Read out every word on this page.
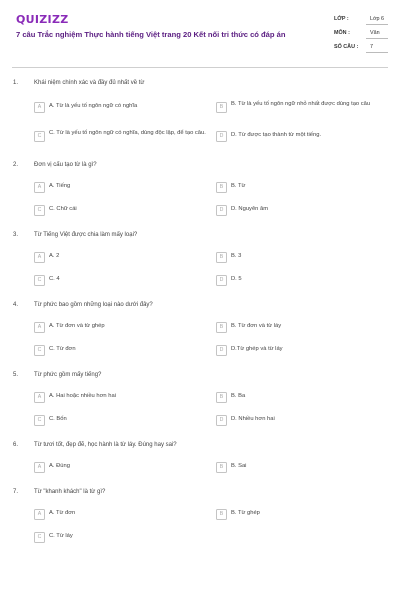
QUIZIZZ
7 câu Trắc nghiệm Thực hành tiếng Việt trang 20 Kết nối tri thức có đáp án
LỚP :	Lớp 6
MÔN :	Văn
SỐ CÂU : 7
1.	Khái niệm chính xác và đầy đủ nhất về từ
A	A. Từ là yếu tố ngôn ngữ có nghĩa	B	B. Từ là yếu tố ngôn ngữ nhỏ nhất được dùng tạo câu
C	C. Từ là yếu tố ngôn ngữ có nghĩa, dùng độc lập, để tạo câu.	D	D. Từ được tạo thành từ một tiếng.
2.	Đơn vị cấu tạo từ là gì?
A	A. Tiếng	B	B. Từ
C	C. Chữ cái	D	D. Nguyên âm
3.	Từ Tiếng Việt được chia làm mấy loại?
A	A. 2	B	B. 3
C	C. 4	D	D. 5
4.	Từ phức bao gồm những loại nào dưới đây?
A	A. Từ đơn và từ ghép	B	B. Từ đơn và từ láy
C	C. Từ đơn	D	D.Từ ghép và từ láy
5.	Từ phức gồm mấy tiếng?
A	A. Hai hoặc nhiều hơn hai	B	B. Ba
C	C. Bốn	D	D. Nhiều hơn hai
6.	Từ tươi tốt, đẹp đẽ, học hành là từ láy. Đúng hay sai?
A	A. Đúng	B	B. Sai
7.	Từ "khanh khách" là từ gì?
A	A. Từ đơn	B	B. Từ ghép
C	C. Từ láy
